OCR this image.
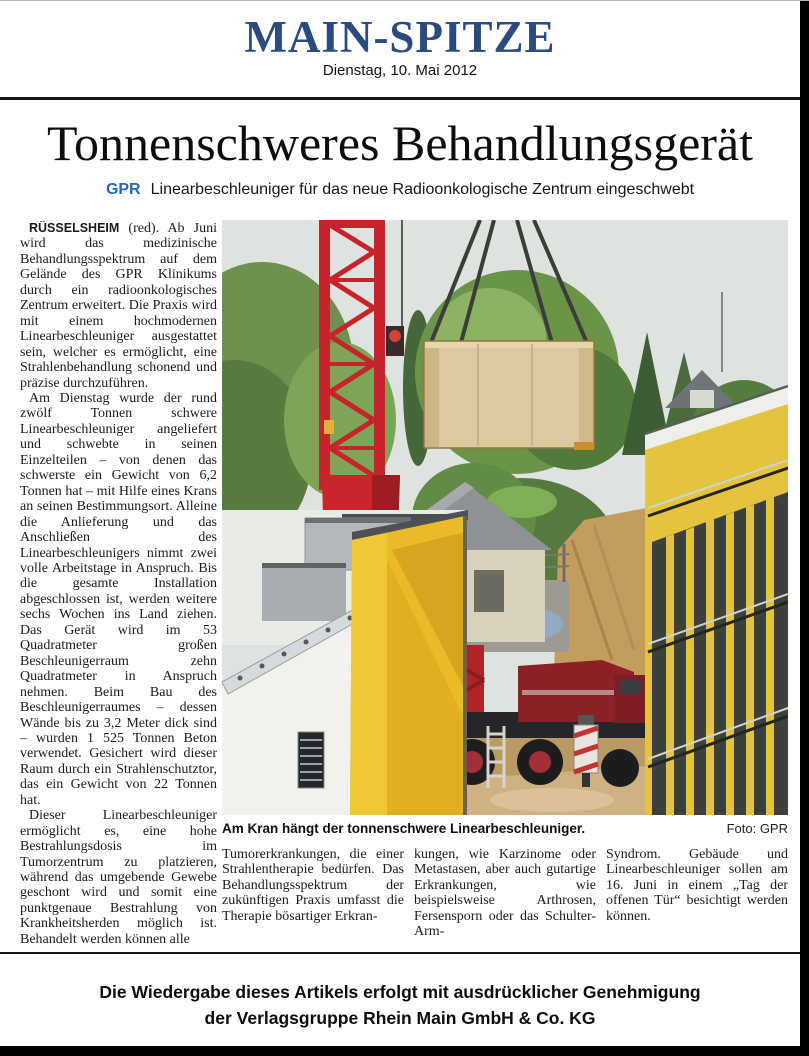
MAIN-SPITZE
Dienstag, 10. Mai 2012
Tonnenschweres Behandlungsgerät
GPR Linearbeschleuniger für das neue Radioonkologische Zentrum eingeschwebt

RÜSSELSHEIM (red). Ab Juni wird das medizinische Behandlungsspektrum auf dem Gelände des GPR Klinikums durch ein radioonkologisches Zentrum erweitert. Die Praxis wird mit einem hochmodernen Linearbeschleuniger ausgestattet sein, welcher es ermöglicht, eine Strahlenbehandlung schonend und präzise durchzuführen.

Am Dienstag wurde der rund zwölf Tonnen schwere Linearbeschleuniger angeliefert und schwebte in seinen Einzelteilen – von denen das schwerste ein Gewicht von 6,2 Tonnen hat – mit Hilfe eines Krans an seinen Bestimmungsort. Alleine die Anlieferung und das Anschließen des Linearbeschleunigers nimmt zwei volle Arbeitstage in Anspruch. Bis die gesamte Installation abgeschlossen ist, werden weitere sechs Wochen ins Land ziehen. Das Gerät wird im 53 Quadratmeter großen Beschleunigerraum zehn Quadratmeter in Anspruch nehmen. Beim Bau des Beschleunigerraumes – dessen Wände bis zu 3,2 Meter dick sind – wurden 1 525 Tonnen Beton verwendet. Gesichert wird dieser Raum durch ein Strahlenschutztor, das ein Gewicht von 22 Tonnen hat.

Dieser Linearbeschleuniger ermöglicht es, eine hohe Bestrahlungsdosis im Tumorzentrum zu platzieren, während das umgebende Gewebe geschont wird und somit eine punktgenaue Bestrahlung von Krankheitsherden möglich ist. Behandelt werden können alle

Am Kran hängt der tonnenschwere Linearbeschleuniger.	Foto: GPR

Tumorerkrankungen, die einer Strahlentherapie bedürfen. Das Behandlungsspektrum der zukünftigen Praxis umfasst die Therapie bösartiger Erkran-

kungen, wie Karzinome oder Metastasen, aber auch gutartige Erkrankungen, wie beispielsweise Arthrosen, Fersensporn oder das Schulter-Arm-

Syndrom. Gebäude und Linearbeschleuniger sollen am 16. Juni in einem „Tag der offenen Tür“ besichtigt werden können.

Die Wiedergabe dieses Artikels erfolgt mit ausdrücklicher Genehmigung
der Verlagsgruppe Rhein Main GmbH & Co. KG
